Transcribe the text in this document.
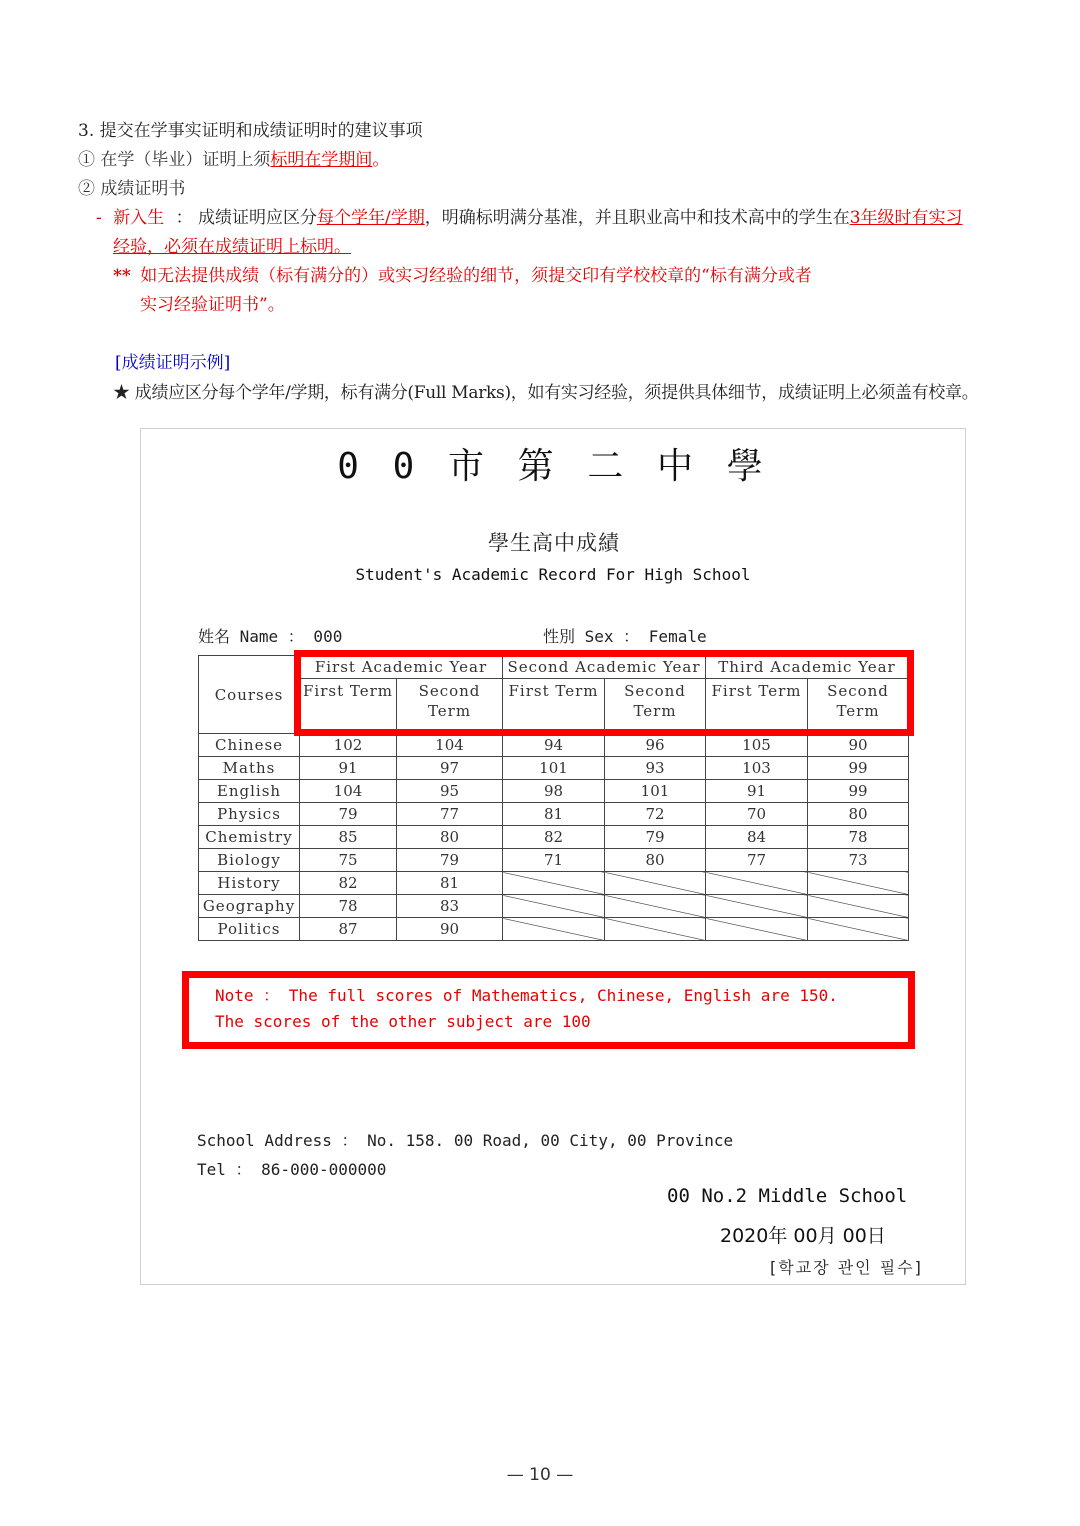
3. 提交在学事实证明和成绩证明时的建议事项
① 在学（毕业）证明上须标明在学期间。
② 成绩证明书
- 新入生 ： 成绩证明应区分每个学年/学期，明确标明满分基准，并且职业高中和技术高中的学生在3年级时有实习
经验，必须在成绩证明上标明。
** 如无法提供成绩（标有满分的）或实习经验的细节，须提交印有学校校章的“标有满分或者
实习经验证明书”。
[成绩证明示例]
★ 成绩应区分每个学年/学期，标有满分(Full Marks)，如有实习经验，须提供具体细节，成绩证明上必须盖有校章。
0 0 市 第 二 中 學
學生高中成績
Student's Academic Record For High School
姓名 Name ： 000	性別 Sex ： Female
Courses	First Academic Year		Second Academic Year		Third Academic Year	
	First Term	Second Term	First Term	Second Term	First Term	Second Term
Chinese	102	104	94	96	105	90
Maths	91	97	101	93	103	99
English	104	95	98	101	91	99
Physics	79	77	81	72	70	80
Chemistry	85	80	82	79	84	78
Biology	75	79	71	80	77	73
History	82	81				
Geography	78	83				
Politics	87	90				
Note ： The full scores of Mathematics, Chinese, English are 150.
The scores of the other subject are 100
School Address ： No. 158. 00 Road, 00 City, 00 Province
Tel ： 86-000-000000
00 No.2 Middle School
2020年 00月 00日
[학교장 관인 필수]
— 10 —
